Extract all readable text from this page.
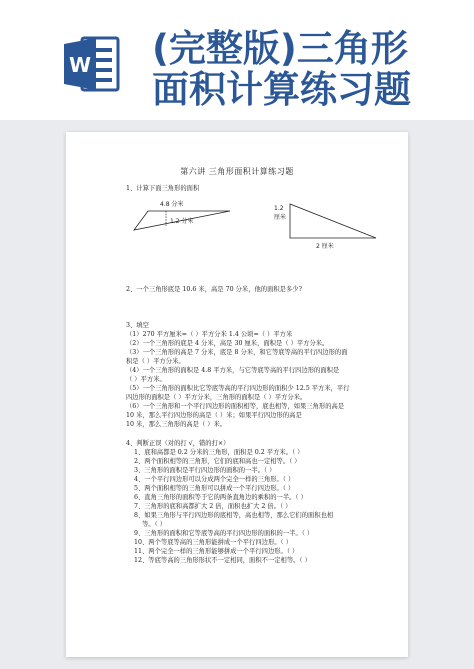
W (完整版)三角形
面积计算练习题
第六讲 三角形面积计算练习题
1、计算下面三角形的面积
4.8 分米
1.2 分米
1.2
厘米
2 厘米
2、一个三角形底是 10.6 米，高是 70 分米，他的面积是多少?
3、填空
（1）270 平方厘米=（ ）平方分米 1.4 公顷=（ ）平方米
（2）一个三角形的底是 4 分米，高是 30 厘米，面积是（ ）平方分米。
（3）一个三角形的高是 7 分米，底是 8 分米，和它等底等高的平行四边形的面
积是（ ）平方分米。
（4）一个三角形的面积是 4.8 平方米，与它等底等高的平行四边形的面积是
（ ）平方米。
（5）一个三角形的面积比它等底等高的平行四边形的面积少 12.5 平方米，平行
四边形的面积是（ ）平方分米，三角形的面积是（ ）平方分米。
（6）一个三角形和一个平行四边形的面积相等，底也相等，如果三角形的高是
10 米，那么平行四边形的高是（ ）米；如果平行四边形的高是
10 米，那么三角形的高是（ ）米。
4、判断正误（对的打 √，错的打×）
1、底和高都是 0.2 分米的三角形，面积是 0.2 平方米。（ ）
2、两个面积相等的三角形，它们的底和高也一定相等。（ ）
3、三角形的面积是平行四边形的面积的一半。（ ）
4、一个平行四边形可以分成两个完全一样的三角形。（ ）
5、两个面积相等的三角形可以拼成一个平行四边形。（ ）
6、直角三角形的面积等于它的两条直角边的乘积的一半。（ ）
7、三角形的底和高都扩大 2 倍，面积也扩大 2 倍。（ ）
8、如果三角形与平行四边形的底相等，高也相等，那么它们的面积也相
等。（ ）
9、三角形的面积和它等底等高的平行四边形的面积的一半。（ ）
10、两个等底等高的三角形能拼成一个平行四边形。（ ）
11、两个完全一样的三角形能够拼成一个平行四边形。（ ）
12、等底等高的三角形形状不一定相同，面积不一定相等。（ ）
